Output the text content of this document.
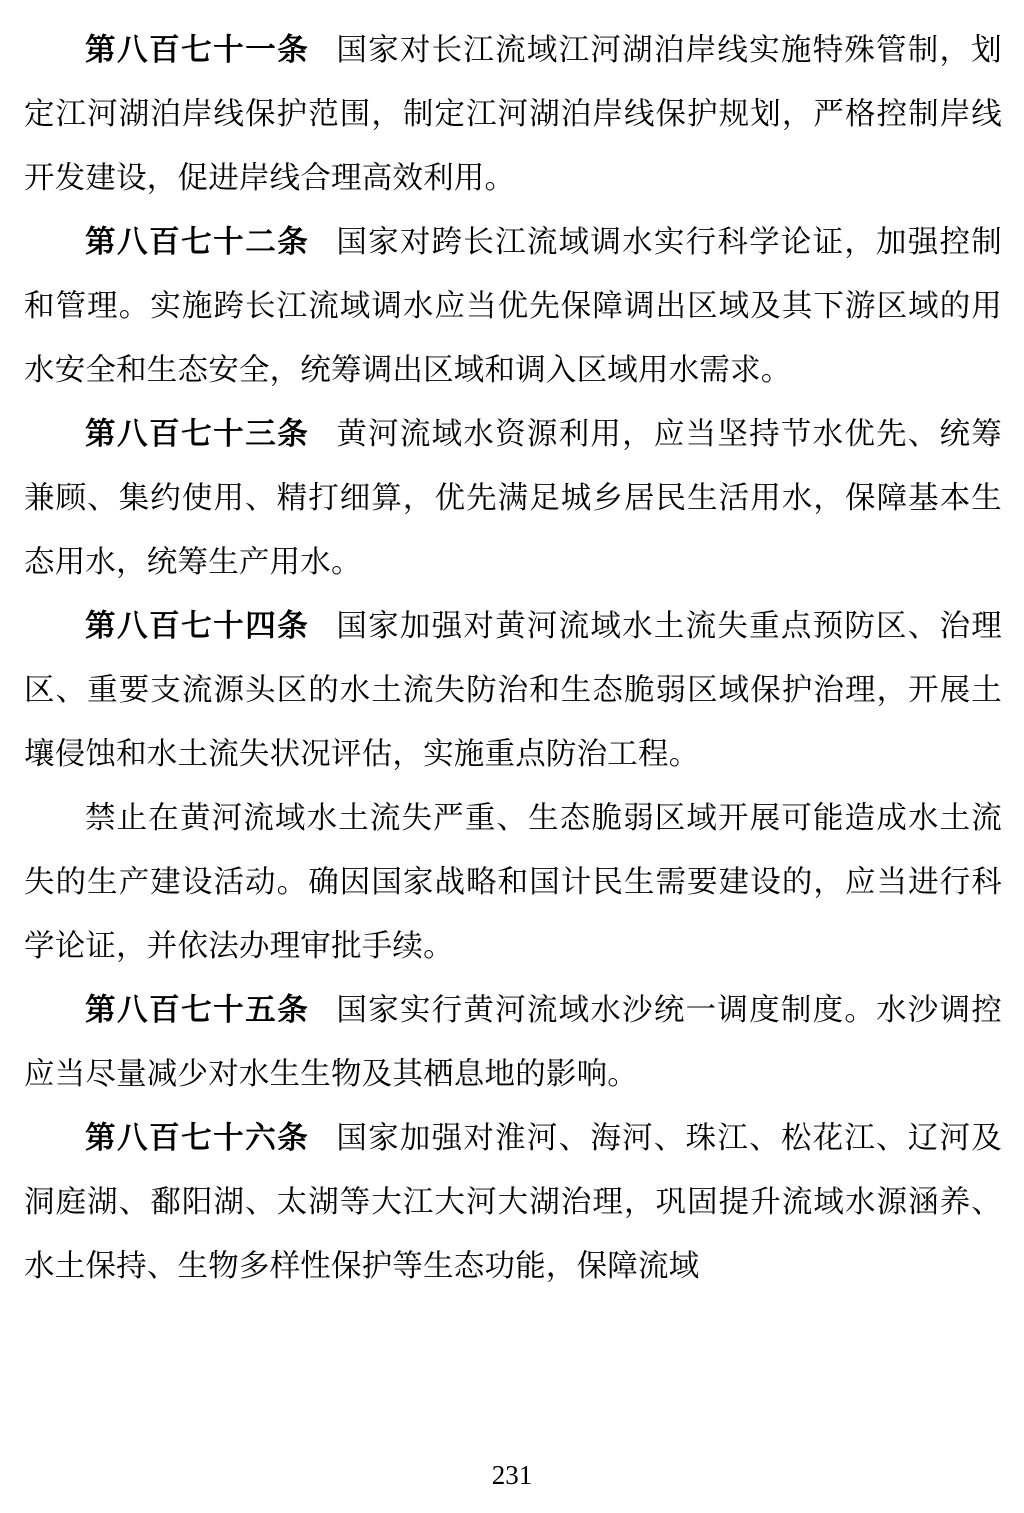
第八百七十一条 国家对长江流域江河湖泊岸线实施特殊管制，划定江河湖泊岸线保护范围，制定江河湖泊岸线保护规划，严格控制岸线开发建设，促进岸线合理高效利用。

第八百七十二条 国家对跨长江流域调水实行科学论证，加强控制和管理。实施跨长江流域调水应当优先保障调出区域及其下游区域的用水安全和生态安全，统筹调出区域和调入区域用水需求。

第八百七十三条 黄河流域水资源利用，应当坚持节水优先、统筹兼顾、集约使用、精打细算，优先满足城乡居民生活用水，保障基本生态用水，统筹生产用水。

第八百七十四条 国家加强对黄河流域水土流失重点预防区、治理区、重要支流源头区的水土流失防治和生态脆弱区域保护治理，开展土壤侵蚀和水土流失状况评估，实施重点防治工程。

禁止在黄河流域水土流失严重、生态脆弱区域开展可能造成水土流失的生产建设活动。确因国家战略和国计民生需要建设的，应当进行科学论证，并依法办理审批手续。

第八百七十五条 国家实行黄河流域水沙统一调度制度。水沙调控应当尽量减少对水生生物及其栖息地的影响。

第八百七十六条 国家加强对淮河、海河、珠江、松花江、辽河及洞庭湖、鄱阳湖、太湖等大江大河大湖治理，巩固提升流域水源涵养、水土保持、生物多样性保护等生态功能，保障流域

231
